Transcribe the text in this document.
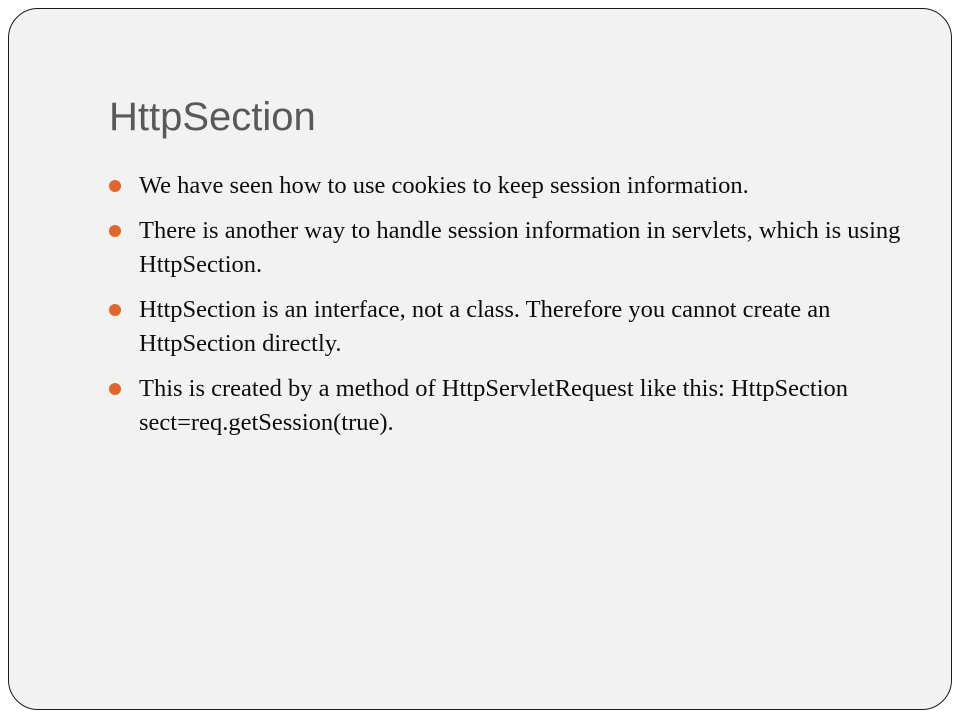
HttpSection
We have seen how to use cookies to keep session information.
There is another way to handle session information in servlets, which is using HttpSection.
HttpSection is an interface, not a class. Therefore you cannot create an HttpSection directly.
This is created by a method of HttpServletRequest like this: HttpSection sect=req.getSession(true).
